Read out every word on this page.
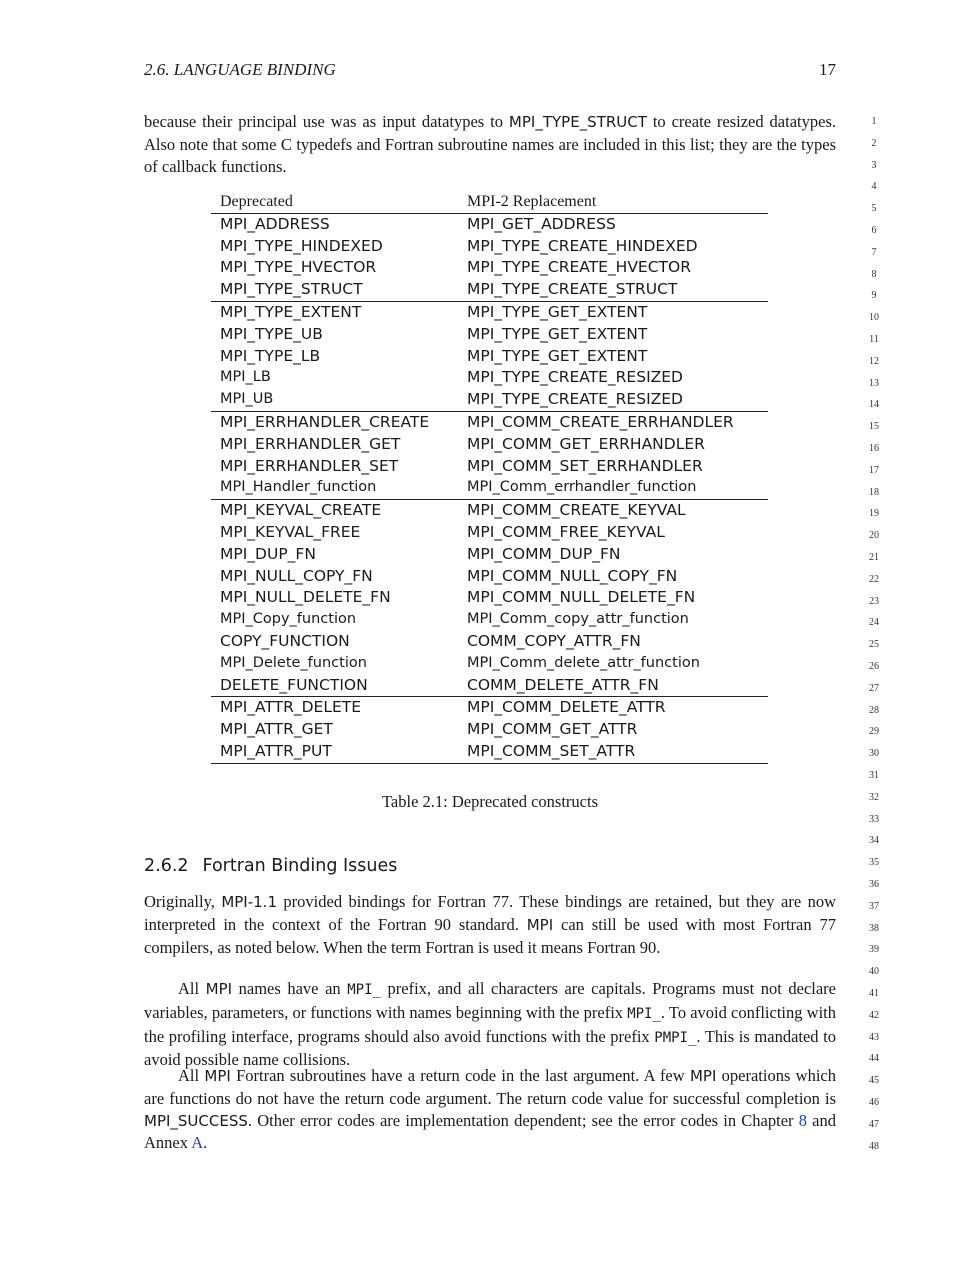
2.6. LANGUAGE BINDING	17

because their principal use was as input datatypes to MPI_TYPE_STRUCT to create resized datatypes. Also note that some C typedefs and Fortran subroutine names are included in this list; they are the types of callback functions.

Deprecated	MPI-2 Replacement
MPI_ADDRESS	MPI_GET_ADDRESS
MPI_TYPE_HINDEXED	MPI_TYPE_CREATE_HINDEXED
MPI_TYPE_HVECTOR	MPI_TYPE_CREATE_HVECTOR
MPI_TYPE_STRUCT	MPI_TYPE_CREATE_STRUCT
MPI_TYPE_EXTENT	MPI_TYPE_GET_EXTENT
MPI_TYPE_UB	MPI_TYPE_GET_EXTENT
MPI_TYPE_LB	MPI_TYPE_GET_EXTENT
MPI_LB	MPI_TYPE_CREATE_RESIZED
MPI_UB	MPI_TYPE_CREATE_RESIZED
MPI_ERRHANDLER_CREATE	MPI_COMM_CREATE_ERRHANDLER
MPI_ERRHANDLER_GET	MPI_COMM_GET_ERRHANDLER
MPI_ERRHANDLER_SET	MPI_COMM_SET_ERRHANDLER
MPI_Handler_function	MPI_Comm_errhandler_function
MPI_KEYVAL_CREATE	MPI_COMM_CREATE_KEYVAL
MPI_KEYVAL_FREE	MPI_COMM_FREE_KEYVAL
MPI_DUP_FN	MPI_COMM_DUP_FN
MPI_NULL_COPY_FN	MPI_COMM_NULL_COPY_FN
MPI_NULL_DELETE_FN	MPI_COMM_NULL_DELETE_FN
MPI_Copy_function	MPI_Comm_copy_attr_function
COPY_FUNCTION	COMM_COPY_ATTR_FN
MPI_Delete_function	MPI_Comm_delete_attr_function
DELETE_FUNCTION	COMM_DELETE_ATTR_FN
MPI_ATTR_DELETE	MPI_COMM_DELETE_ATTR
MPI_ATTR_GET	MPI_COMM_GET_ATTR
MPI_ATTR_PUT	MPI_COMM_SET_ATTR
Table 2.1: Deprecated constructs
2.6.2 Fortran Binding Issues

Originally, MPI-1.1 provided bindings for Fortran 77. These bindings are retained, but they are now interpreted in the context of the Fortran 90 standard. MPI can still be used with most Fortran 77 compilers, as noted below. When the term Fortran is used it means Fortran 90.

All MPI names have an MPI_ prefix, and all characters are capitals. Programs must not declare variables, parameters, or functions with names beginning with the prefix MPI_. To avoid conflicting with the profiling interface, programs should also avoid functions with the prefix PMPI_. This is mandated to avoid possible name collisions.

All MPI Fortran subroutines have a return code in the last argument. A few MPI operations which are functions do not have the return code argument. The return code value for successful completion is MPI_SUCCESS. Other error codes are implementation dependent; see the error codes in Chapter 8 and Annex A.

1
2
3
4
5
6
7
8
9
10
11
12
13
14
15
16
17
18
19
20
21
22
23
24
25
26
27
28
29
30
31
32
33
34
35
36
37
38
39
40
41
42
43
44
45
46
47
48
